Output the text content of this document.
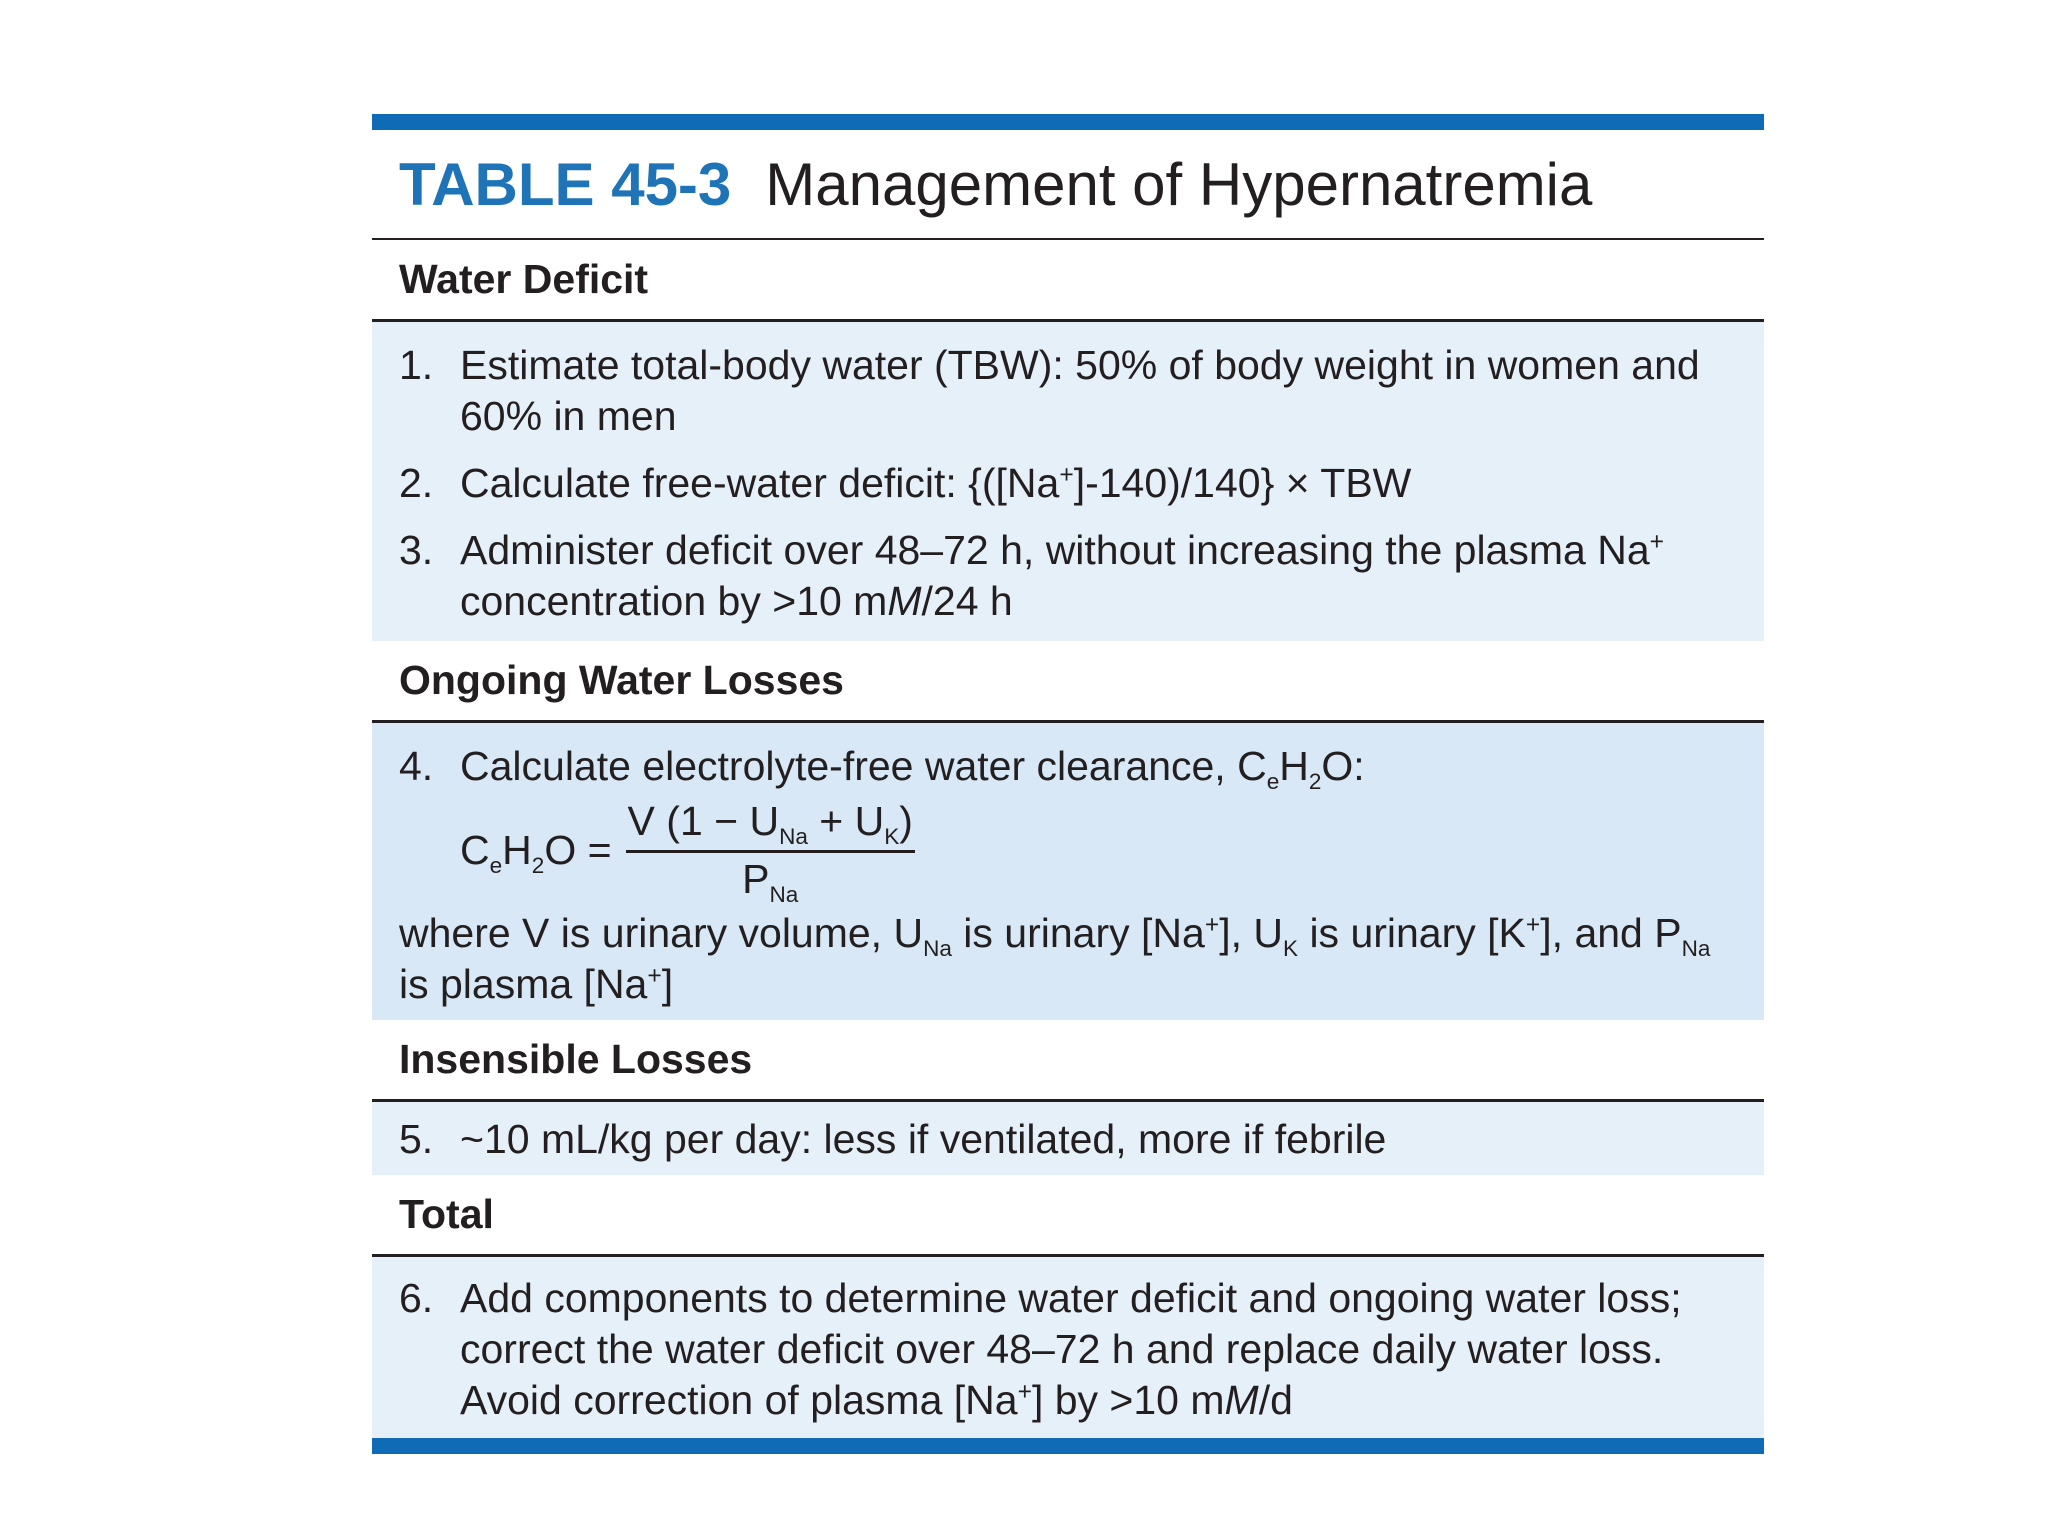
TABLE 45-3 Management of Hypernatremia
Water Deficit
1. Estimate total-body water (TBW): 50% of body weight in women and 60% in men
2. Calculate free-water deficit: {([Na+]-140)/140} × TBW
3. Administer deficit over 48–72 h, without increasing the plasma Na+ concentration by >10 mM/24 h
Ongoing Water Losses
4. Calculate electrolyte-free water clearance, $C_eH_2O$:
$C_eH_2O = \frac{V (1 - U_{Na} + U_K)}{P_{Na}}$
where V is urinary volume, $U_{Na}$ is urinary [Na+], $U_K$ is urinary [K+], and $P_{Na}$ is plasma [Na+]
Insensible Losses
5. ~10 mL/kg per day: less if ventilated, more if febrile
Total
6. Add components to determine water deficit and ongoing water loss; correct the water deficit over 48–72 h and replace daily water loss. Avoid correction of plasma [Na+] by >10 mM/d
